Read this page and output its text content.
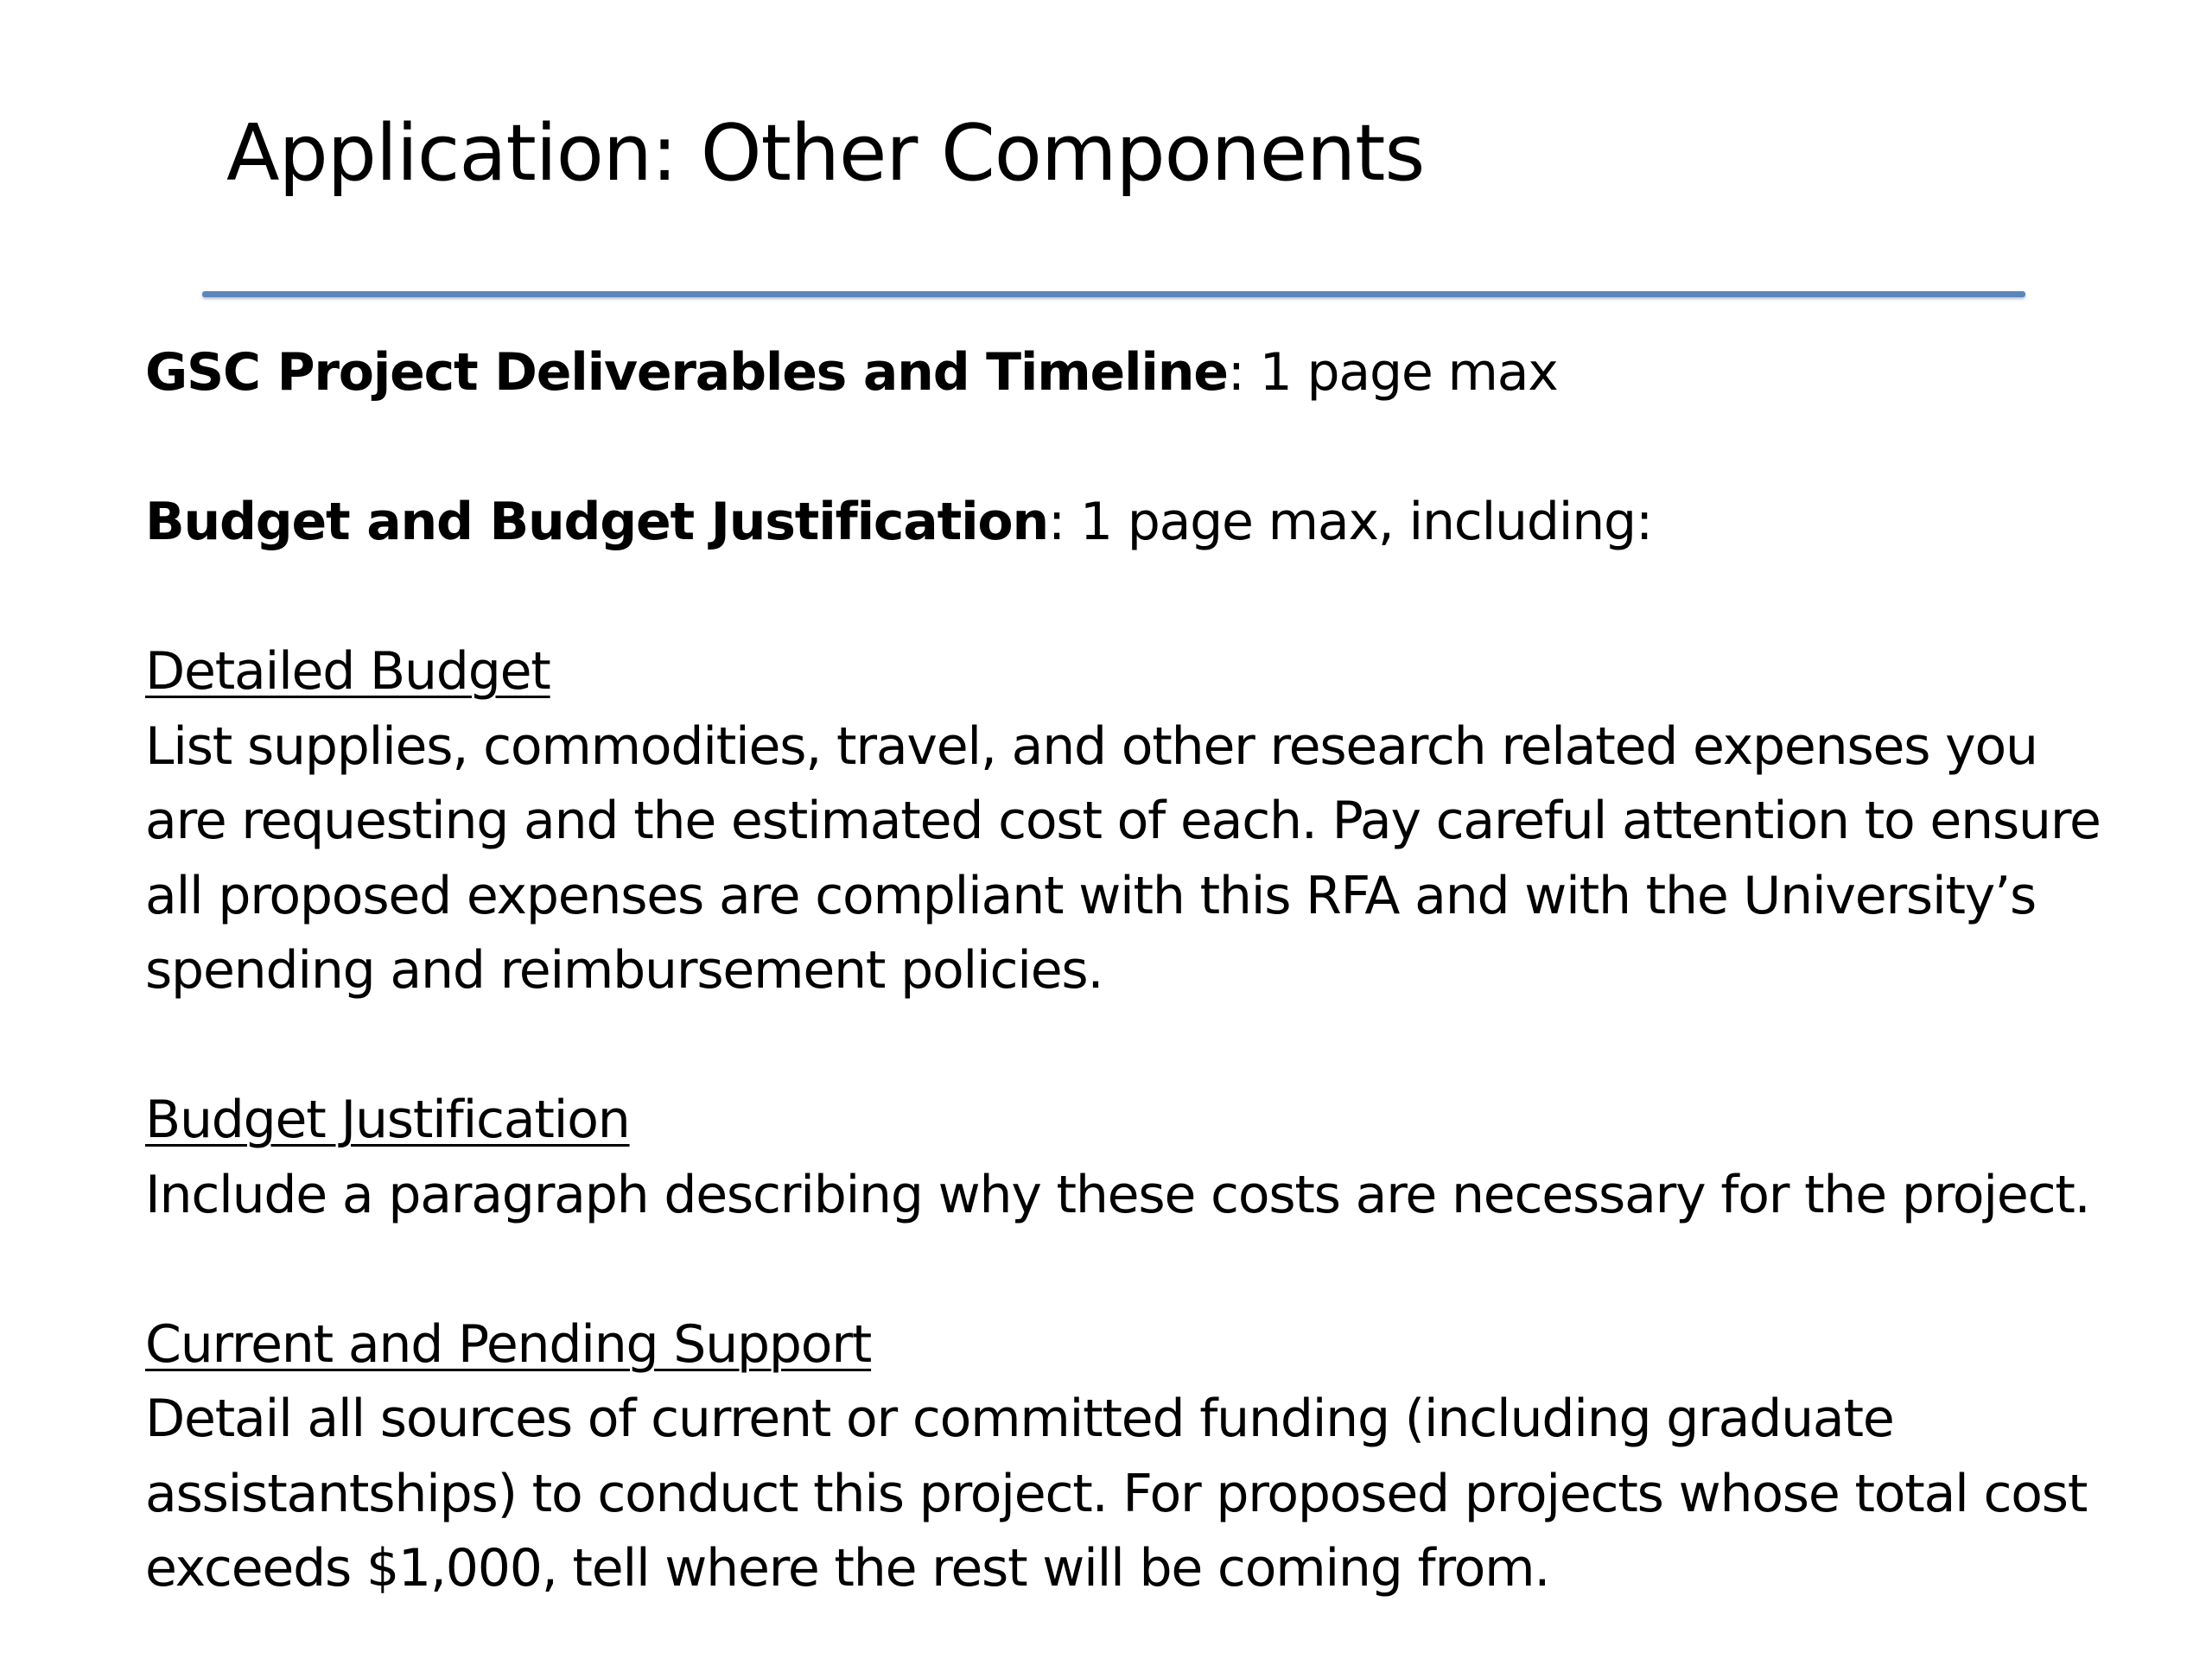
Application: Other Components
GSC Project Deliverables and Timeline: 1 page max
Budget and Budget Justification: 1 page max, including:
Detailed Budget
List supplies, commodities, travel, and other research related expenses you
are requesting and the estimated cost of each. Pay careful attention to ensure
all proposed expenses are compliant with this RFA and with the University’s
spending and reimbursement policies.
Budget Justification
Include a paragraph describing why these costs are necessary for the project.
Current and Pending Support
Detail all sources of current or committed funding (including graduate
assistantships) to conduct this project. For proposed projects whose total cost
exceeds $1,000, tell where the rest will be coming from.
